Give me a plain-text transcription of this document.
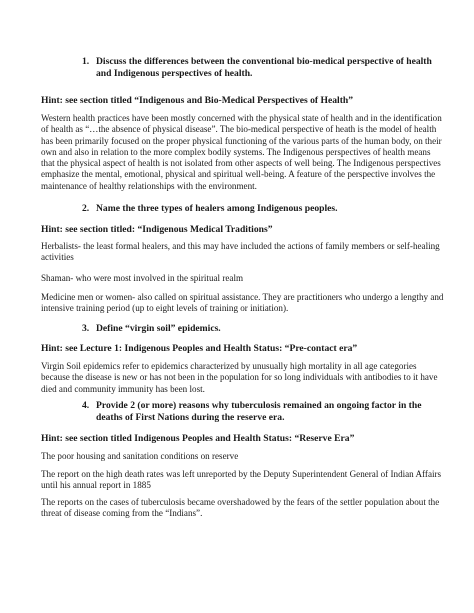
1. Discuss the differences between the conventional bio-medical perspective of health and Indigenous perspectives of health.
Hint: see section titled “Indigenous and Bio-Medical Perspectives of Health”
Western health practices have been mostly concerned with the physical state of health and in the identification of health as “…the absence of physical disease”. The bio-medical perspective of heath is the model of health has been primarily focused on the proper physical functioning of the various parts of the human body, on their own and also in relation to the more complex bodily systems. The Indigenous perspectives of health means that the physical aspect of health is not isolated from other aspects of well being. The Indigenous perspectives emphasize the mental, emotional, physical and spiritual well-being. A feature of the perspective involves the maintenance of healthy relationships with the environment.
2. Name the three types of healers among Indigenous peoples.
Hint: see section titled: “Indigenous Medical Traditions”
Herbalists- the least formal healers, and this may have included the actions of family members or self-healing activities
Shaman- who were most involved in the spiritual realm
Medicine men or women- also called on spiritual assistance. They are practitioners who undergo a lengthy and intensive training period (up to eight levels of training or initiation).
3. Define “virgin soil” epidemics.
Hint: see Lecture 1: Indigenous Peoples and Health Status: “Pre-contact era”
Virgin Soil epidemics refer to epidemics characterized by unusually high mortality in all age categories because the disease is new or has not been in the population for so long individuals with antibodies to it have died and community immunity has been lost.
4. Provide 2 (or more) reasons why tuberculosis remained an ongoing factor in the deaths of First Nations during the reserve era.
Hint: see section titled Indigenous Peoples and Health Status: “Reserve Era”
The poor housing and sanitation conditions on reserve
The report on the high death rates was left unreported by the Deputy Superintendent General of Indian Affairs until his annual report in 1885
The reports on the cases of tuberculosis became overshadowed by the fears of the settler population about the threat of disease coming from the “Indians”.
